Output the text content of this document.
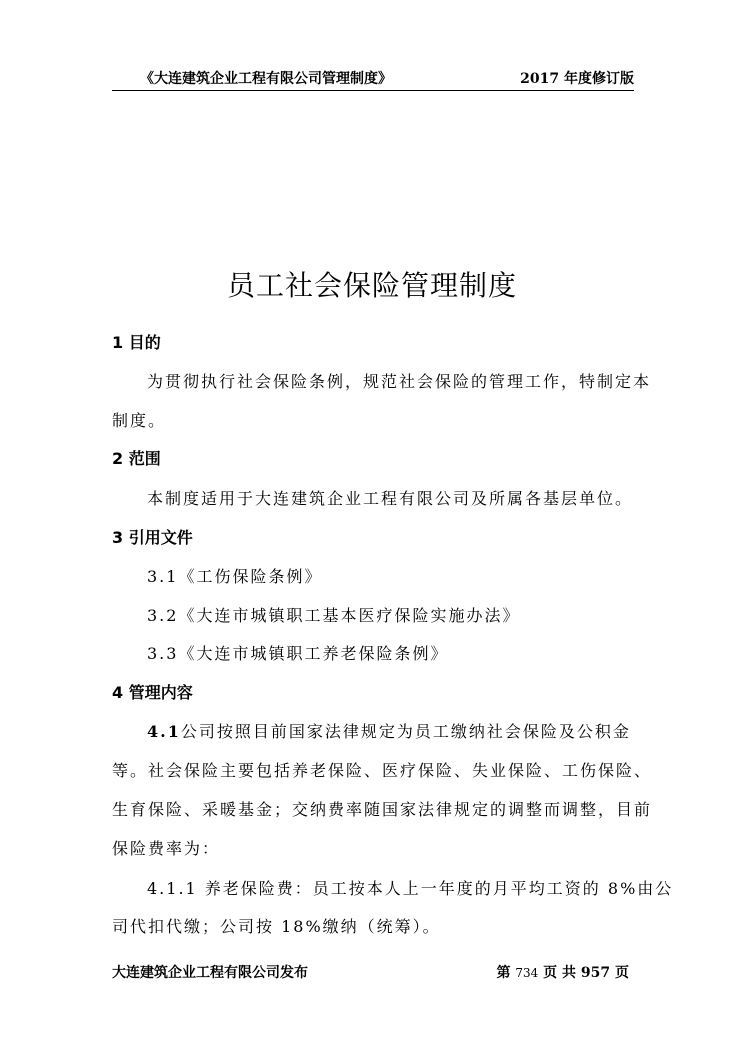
《大连建筑企业工程有限公司管理制度》	2017 年度修订版
员工社会保险管理制度
1 目的
为贯彻执行社会保险条例，规范社会保险的管理工作，特制定本
制度。
2 范围
本制度适用于大连建筑企业工程有限公司及所属各基层单位。
3 引用文件
3.1《工伤保险条例》
3.2《大连市城镇职工基本医疗保险实施办法》
3.3《大连市城镇职工养老保险条例》
4 管理内容
4.1公司按照目前国家法律规定为员工缴纳社会保险及公积金
等。社会保险主要包括养老保险、医疗保险、失业保险、工伤保险、
生育保险、采暖基金；交纳费率随国家法律规定的调整而调整，目前
保险费率为：
4.1.1 养老保险费：员工按本人上一年度的月平均工资的 8%由公
司代扣代缴；公司按 18%缴纳（统筹）。
大连建筑企业工程有限公司发布	第 734 页 共 957 页
